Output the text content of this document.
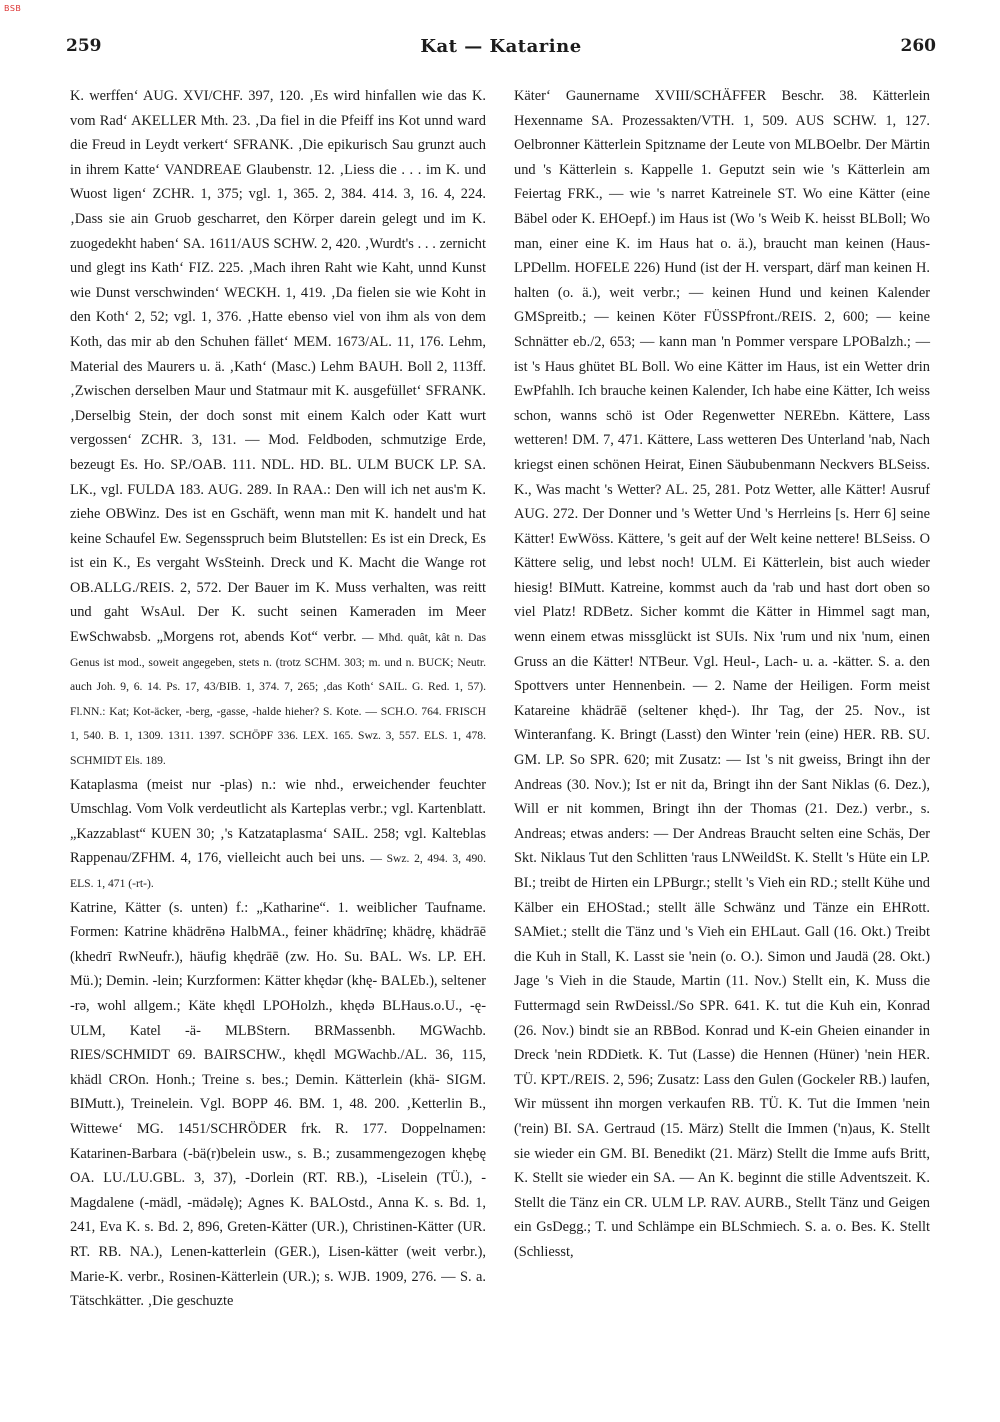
BSB
259	Kat — Katarine	260

K. werffen‘ AUG. XVI/CHF. 397, 120. ‚Es wird hinfallen wie das K. vom Rad‘ AKELLER Mth. 23. ‚Da fiel in die Pfeiff ins Kot unnd ward die Freud in Leydt verkert‘ SFRANK. ‚Die epikurisch Sau grunzt auch in ihrem Katte‘ VANDREAE Glaubenstr. 12. ‚Liess die . . . im K. und Wuost ligen‘ ZCHR. 1, 375; vgl. 1, 365. 2, 384. 414. 3, 16. 4, 224. ‚Dass sie ain Gruob gescharret, den Körper darein gelegt und im K. zuogedekht haben‘ SA. 1611/AUS SCHW. 2, 420. ‚Wurdt's . . . zernicht und glegt ins Kath‘ FIZ. 225. ‚Mach ihren Raht wie Kaht, unnd Kunst wie Dunst verschwinden‘ WECKH. 1, 419. ‚Da fielen sie wie Koht in den Koth‘ 2, 52; vgl. 1, 376. ‚Hatte ebenso viel von ihm als von dem Koth, das mir ab den Schuhen fället‘ MEM. 1673/AL. 11, 176. Lehm, Material des Maurers u. ä. ‚Kath‘ (Masc.) Lehm BAUH. Boll 2, 113ff. ‚Zwischen derselben Maur und Statmaur mit K. ausgefüllet‘ SFRANK. ‚Derselbig Stein, der doch sonst mit einem Kalch oder Katt wurt vergossen‘ ZCHR. 3, 131. — Mod. Feldboden, schmutzige Erde, bezeugt Es. Ho. SP./OAB. 111. NDL. HD. BL. ULM BUCK LP. SA. LK., vgl. FULDA 183. AUG. 289. In RAA.: Den will ich net aus'm K. ziehe OBWinz. Des ist en Gschäft, wenn man mit K. handelt und hat keine Schaufel Ew. Segensspruch beim Blutstellen: Es ist ein Dreck, Es ist ein K., Es vergaht WsSteinh. Dreck und K. Macht die Wange rot OB.ALLG./REIS. 2, 572. Der Bauer im K. Muss verhalten, was reitt und gaht WsAul. Der K. sucht seinen Kameraden im Meer EwSchwabsb. „Morgens rot, abends Kot“ verbr. — Mhd. quât, kât n. Das Genus ist mod., soweit angegeben, stets n. (trotz SCHM. 303; m. und n. BUCK; Neutr. auch Joh. 9, 6. 14. Ps. 17, 43/BIB. 1, 374. 7, 265; ‚das Koth‘ SAIL. G. Red. 1, 57). Fl.NN.: Kat; Kot-äcker, -berg, -gasse, -halde hieher? S. Kote. — SCH.O. 764. FRISCH 1, 540. B. 1, 1309. 1311. 1397. SCHÖPF 336. LEX. 165. Swz. 3, 557. ELS. 1, 478. SCHMIDT Els. 189.

Kataplasma (meist nur -plas) n.: wie nhd., erweichender feuchter Umschlag. Vom Volk verdeutlicht als Karteplas verbr.; vgl. Kartenblatt. „Kazzablast“ KUEN 30; ‚'s Katzataplasma‘ SAIL. 258; vgl. Kalteblas Rappenau/ZFHM. 4, 176, vielleicht auch bei uns. — Swz. 2, 494. 3, 490. ELS. 1, 471 (-rt-).

Katrine, Kätter (s. unten) f.: „Katharine“. 1. weiblicher Taufname. Formen: Katrine khädrēnə HalbMA., feiner khädrīnę; khädrę, khädrāē (khedrī RwNeufr.), häufig khędrāē (zw. Ho. Su. BAL. Ws. LP. EH. Mü.); Demin. -lein; Kurzformen: Kätter khędər (khę- BALEb.), seltener -rə, wohl allgem.; Käte khędl LPOHolzh., khędə BLHaus.o.U., -ę- ULM, Katel -ä- MLBStern. BRMassenbh. MGWachb. RIES/SCHMIDT 69. BAIRSCHW., khędl MGWachb./AL. 36, 115, khädl CROn. Honh.; Treine s. bes.; Demin. Kätterlein (khä- SIGM. BIMutt.), Treinelein. Vgl. BOPP 46. BM. 1, 48. 200. ‚Ketterlin B., Wittewe‘ MG. 1451/SCHRÖDER frk. R. 177. Doppelnamen: Katarinen-Barbara (-bä(r)belein usw., s. B.; zusammengezogen khębę OA. LU./LU.GBL. 3, 37), -Dorlein (RT. RB.), -Liselein (TÜ.), -Magdalene (-mädl, -mädəlę); Agnes K. BALOstd., Anna K. s. Bd. 1, 241, Eva K. s. Bd. 2, 896, Greten-Kätter (UR.), Christinen-Kätter (UR. RT. RB. NA.), Lenen-katterlein (GER.), Lisen-kätter (weit verbr.), Marie-K. verbr., Rosinen-Kätterlein (UR.); s. WJB. 1909, 276. — S. a. Tätschkätter. ‚Die geschuzte

Käter‘ Gaunername XVIII/SCHÄFFER Beschr. 38. Kätterlein Hexenname SA. Prozessakten/VTH. 1, 509. AUS SCHW. 1, 127. Oelbronner Kätterlein Spitzname der Leute von MLBOelbr. Der Märtin und 's Kätterlein s. Kappelle 1. Geputzt sein wie 's Kätterlein am Feiertag FRK., — wie 's narret Katreinele ST. Wo eine Kätter (eine Bäbel oder K. EHOepf.) im Haus ist (Wo 's Weib K. heisst BLBoll; Wo man, einer eine K. im Haus hat o. ä.), braucht man keinen (Haus- LPDellm. HOFELE 226) Hund (ist der H. verspart, därf man keinen H. halten (o. ä.), weit verbr.; — keinen Hund und keinen Kalender GMSpreitb.; — keinen Köter FÜSSPfront./REIS. 2, 600; — keine Schnätter eb./2, 653; — kann man 'n Pommer verspare LPOBalzh.; — ist 's Haus ghütet BL Boll. Wo eine Kätter im Haus, ist ein Wetter drin EwPfahlh. Ich brauche keinen Kalender, Ich habe eine Kätter, Ich weiss schon, wanns schö ist Oder Regenwetter NEREbn. Kättere, Lass wetteren! DM. 7, 471. Kättere, Lass wetteren Des Unterland 'nab, Nach kriegst einen schönen Heirat, Einen Säububenmann Neckvers BLSeiss. K., Was macht 's Wetter? AL. 25, 281. Potz Wetter, alle Kätter! Ausruf AUG. 272. Der Donner und 's Wetter Und 's Herrleins [s. Herr 6] seine Kätter! EwWöss. Kättere, 's geit auf der Welt keine nettere! BLSeiss. O Kättere selig, und lebst noch! ULM. Ei Kätterlein, bist auch wieder hiesig! BIMutt. Katreine, kommst auch da 'rab und hast dort oben so viel Platz! RDBetz. Sicher kommt die Kätter in Himmel sagt man, wenn einem etwas missglückt ist SUIs. Nix 'rum und nix 'num, einen Gruss an die Kätter! NTBeur. Vgl. Heul-, Lach- u. a. -kätter. S. a. den Spottvers unter Hennenbein. — 2. Name der Heiligen. Form meist Katareine khädrāē (seltener khęd-). Ihr Tag, der 25. Nov., ist Winteranfang. K. Bringt (Lasst) den Winter 'rein (eine) HER. RB. SU. GM. LP. So SPR. 620; mit Zusatz: — Ist 's nit gweiss, Bringt ihn der Andreas (30. Nov.); Ist er nit da, Bringt ihn der Sant Niklas (6. Dez.), Will er nit kommen, Bringt ihn der Thomas (21. Dez.) verbr., s. Andreas; etwas anders: — Der Andreas Braucht selten eine Schäs, Der Skt. Niklaus Tut den Schlitten 'raus LNWeildSt. K. Stellt 's Hüte ein LP. BI.; treibt de Hirten ein LPBurgr.; stellt 's Vieh ein RD.; stellt Kühe und Kälber ein EHOStad.; stellt älle Schwänz und Tänze ein EHRott. SAMiet.; stellt die Tänz und 's Vieh ein EHLaut. Gall (16. Okt.) Treibt die Kuh in Stall, K. Lasst sie 'nein (o. O.). Simon und Jaudä (28. Okt.) Jage 's Vieh in die Staude, Martin (11. Nov.) Stellt ein, K. Muss die Futtermagd sein RwDeissl./So SPR. 641. K. tut die Kuh ein, Konrad (26. Nov.) bindt sie an RBBod. Konrad und K-ein Gheien einander in Dreck 'nein RDDietk. K. Tut (Lasse) die Hennen (Hüner) 'nein HER. TÜ. KPT./REIS. 2, 596; Zusatz: Lass den Gulen (Gockeler RB.) laufen, Wir müssent ihn morgen verkaufen RB. TÜ. K. Tut die Immen 'nein ('rein) BI. SA. Gertraud (15. März) Stellt die Immen ('n)aus, K. Stellt sie wieder ein GM. BI. Benedikt (21. März) Stellt die Imme aufs Britt, K. Stellt sie wieder ein SA. — An K. beginnt die stille Adventszeit. K. Stellt die Tänz ein CR. ULM LP. RAV. AURB., Stellt Tänz und Geigen ein GsDegg.; T. und Schlämpe ein BLSchmiech. S. a. o. Bes. K. Stellt (Schliesst,
